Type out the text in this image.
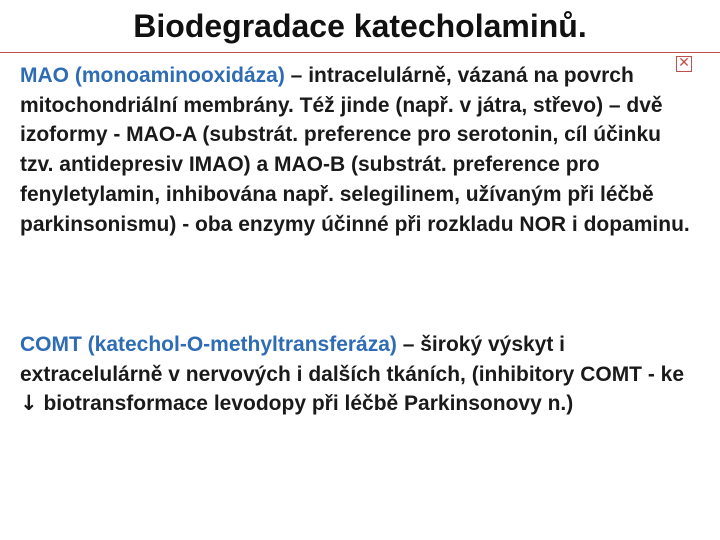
Biodegradace katecholaminů.
✕

MAO (monoaminooxidáza) – intracelulárně, vázaná na povrch mitochondriální membrány. Též jinde (např. v játra, střevo) – dvě izoformy - MAO-A (substrát. preference pro serotonin, cíl účinku tzv. antidepresiv IMAO) a MAO-B (substrát. preference pro fenyletylamin, inhibována např. selegilinem, užívaným při léčbě parkinsonismu) - oba enzymy účinné při rozkladu NOR i dopaminu.

COMT (katechol-O-methyltransferáza) – široký výskyt i extracelulárně v nervových i dalších tkáních, (inhibitory COMT - ke ↓ biotransformace levodopy při léčbě Parkinsonovy n.)
